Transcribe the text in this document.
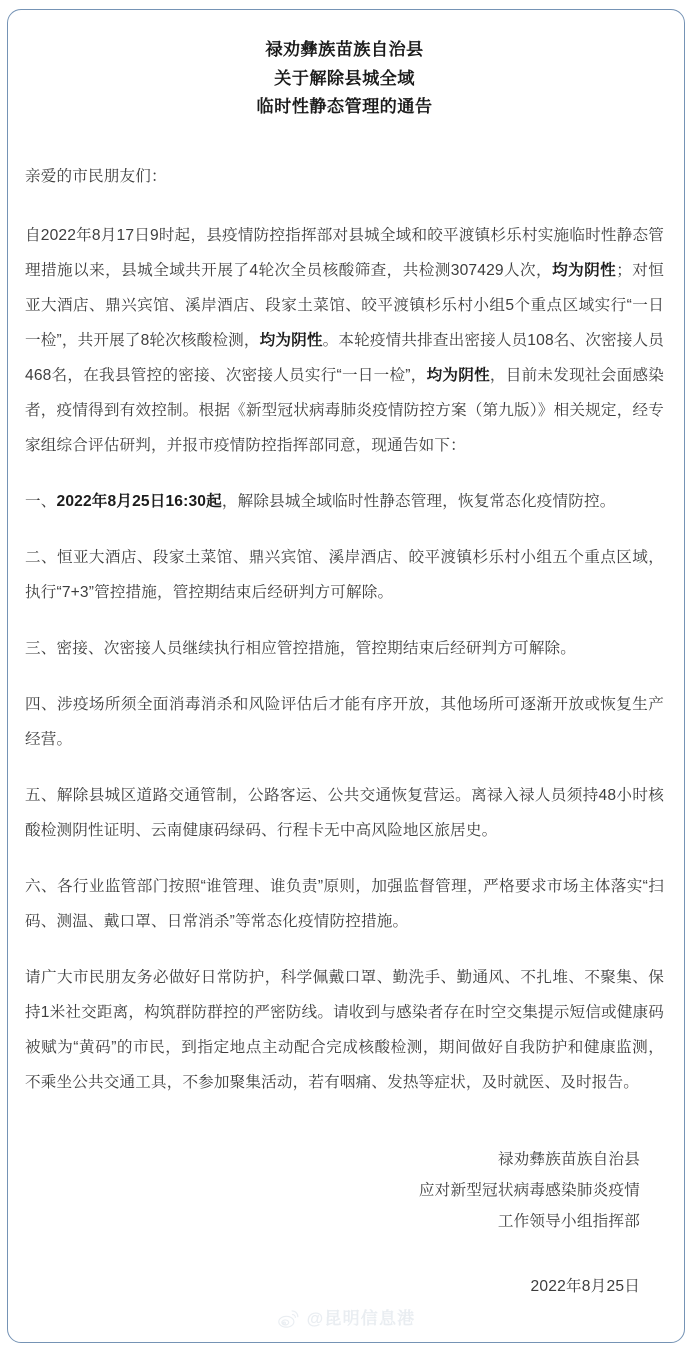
禄劝彝族苗族自治县
关于解除县城全域
临时性静态管理的通告

亲爱的市民朋友们：

自2022年8月17日9时起，县疫情防控指挥部对县城全域和皎平渡镇杉乐村实施临时性静态管理措施以来，县城全域共开展了4轮次全员核酸筛查，共检测307429人次，均为阴性；对恒亚大酒店、鼎兴宾馆、溪岸酒店、段家土菜馆、皎平渡镇杉乐村小组5个重点区域实行“一日一检”，共开展了8轮次核酸检测，均为阴性。本轮疫情共排查出密接人员108名、次密接人员468名，在我县管控的密接、次密接人员实行“一日一检”，均为阴性，目前未发现社会面感染者，疫情得到有效控制。根据《新型冠状病毒肺炎疫情防控方案（第九版）》相关规定，经专家组综合评估研判，并报市疫情防控指挥部同意，现通告如下：

一、2022年8月25日16:30起，解除县城全域临时性静态管理，恢复常态化疫情防控。

二、恒亚大酒店、段家土菜馆、鼎兴宾馆、溪岸酒店、皎平渡镇杉乐村小组五个重点区域，执行“7+3”管控措施，管控期结束后经研判方可解除。

三、密接、次密接人员继续执行相应管控措施，管控期结束后经研判方可解除。

四、涉疫场所须全面消毒消杀和风险评估后才能有序开放，其他场所可逐渐开放或恢复生产经营。

五、解除县城区道路交通管制，公路客运、公共交通恢复营运。离禄入禄人员须持48小时核酸检测阴性证明、云南健康码绿码、行程卡无中高风险地区旅居史。

六、各行业监管部门按照“谁管理、谁负责”原则，加强监督管理，严格要求市场主体落实“扫码、测温、戴口罩、日常消杀”等常态化疫情防控措施。

请广大市民朋友务必做好日常防护，科学佩戴口罩、勤洗手、勤通风、不扎堆、不聚集、保持1米社交距离，构筑群防群控的严密防线。请收到与感染者存在时空交集提示短信或健康码被赋为“黄码”的市民，到指定地点主动配合完成核酸检测，期间做好自我防护和健康监测，不乘坐公共交通工具，不参加聚集活动，若有咽痛、发热等症状，及时就医、及时报告。

禄劝彝族苗族自治县
应对新型冠状病毒感染肺炎疫情
工作领导小组指挥部
2022年8月25日
@昆明信息港
